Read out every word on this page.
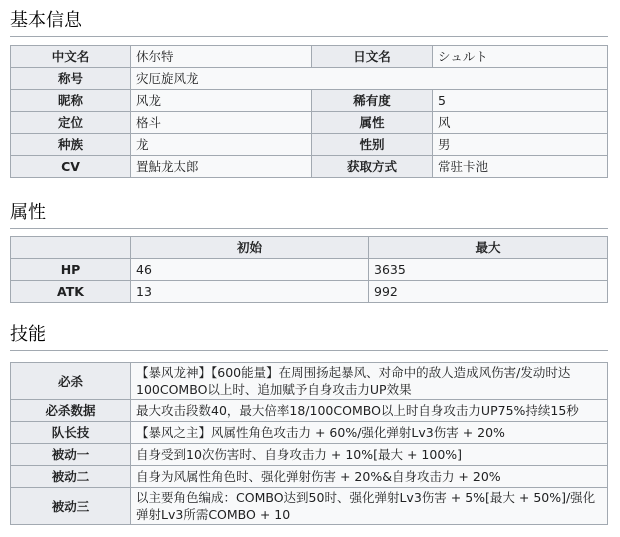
基本信息
中文名	休尔特	日文名	シュルト
称号	灾厄旋风龙		
昵称	风龙	稀有度	5
定位	格斗	属性	风
种族	龙	性别	男
CV	置鮎龙太郎	获取方式	常驻卡池
属性
	初始	最大
HP	46	3635
ATK	13	992
技能
必杀	【暴风龙神】【600能量】在周围扬起暴风、对命中的敌人造成风伤害/发动时达100COMBO以上时、追加赋予自身攻击力UP效果
必杀数据	最大攻击段数40，最大倍率18/100COMBO以上时自身攻击力UP75%持续15秒
队长技	【暴风之主】风属性角色攻击力 + 60%/强化弹射Lv3伤害 + 20%
被动一	自身受到10次伤害时、自身攻击力 + 10%[最大 + 100%]
被动二	自身为风属性角色时、强化弹射伤害 + 20%&自身攻击力 + 20%
被动三	以主要角色编成：COMBO达到50时、强化弹射Lv3伤害 + 5%[最大 + 50%]/强化弹射Lv3所需COMBO + 10
